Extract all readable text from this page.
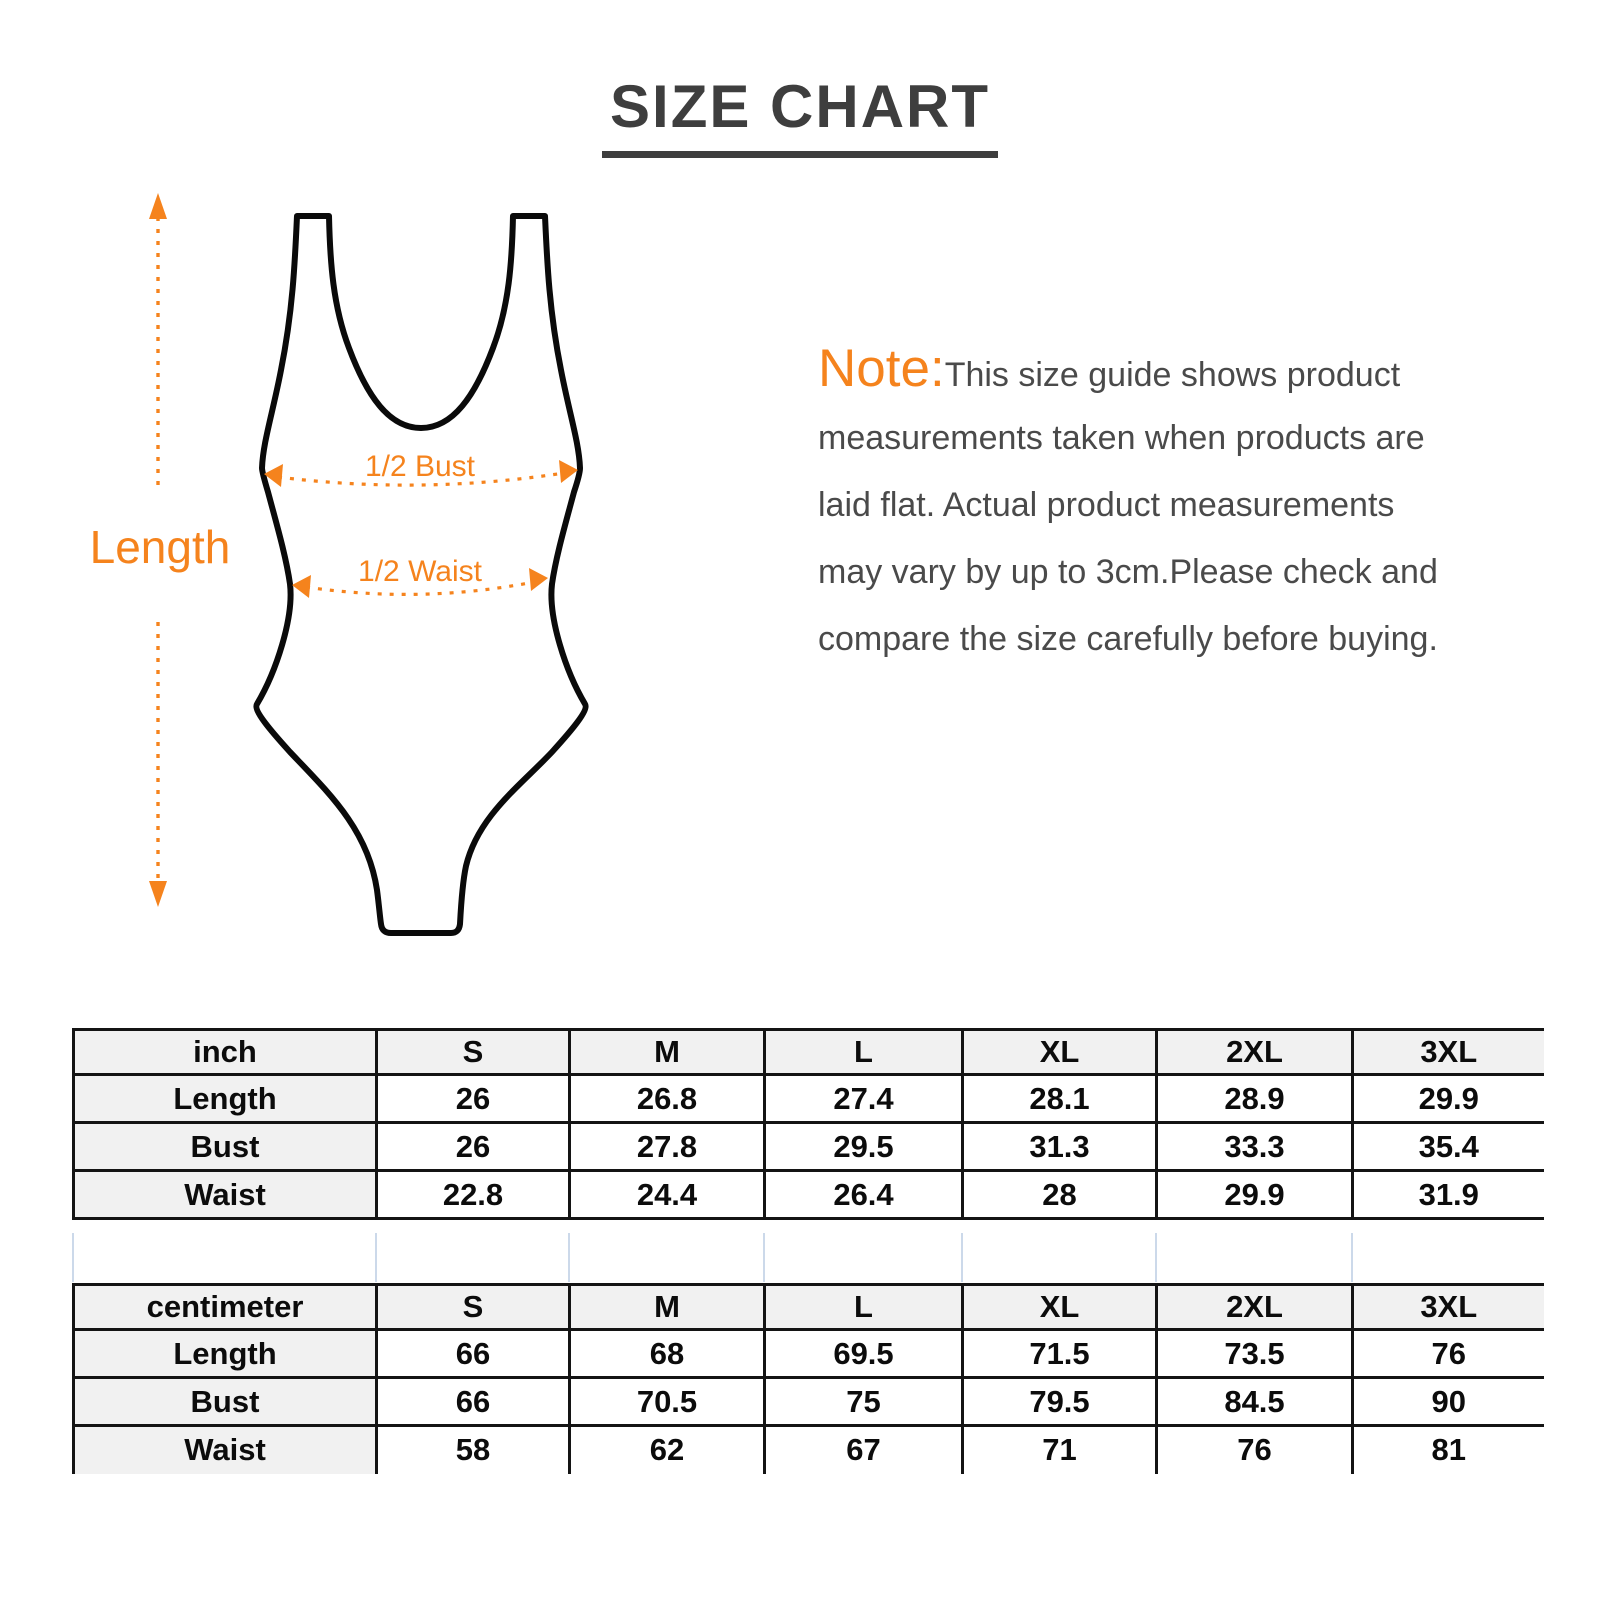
SIZE CHART
Length
1/2 Bust
1/2 Waist
Note:This size guide shows product
measurements taken when products are
laid flat. Actual product measurements
may vary by up to 3cm.Please check and
compare the size carefully before buying.
inch	S	M	L	XL	2XL	3XL
Length	26	26.8	27.4	28.1	28.9	29.9
Bust	26	27.8	29.5	31.3	33.3	35.4
Waist	22.8	24.4	26.4	28	29.9	31.9
centimeter	S	M	L	XL	2XL	3XL
Length	66	68	69.5	71.5	73.5	76
Bust	66	70.5	75	79.5	84.5	90
Waist	58	62	67	71	76	81
